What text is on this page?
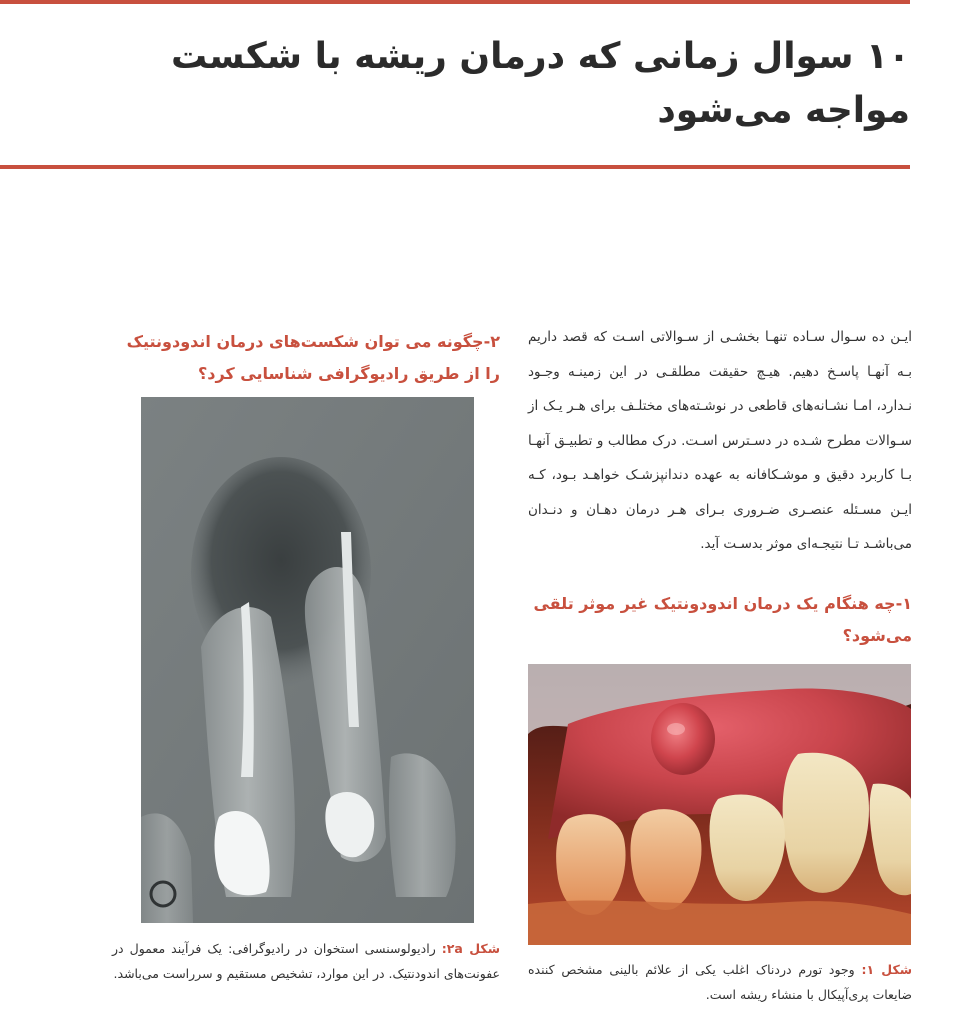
۱۰ سوال زمانی که درمان ریشه با شکست مواجه می‌شود

ایـن ده سـوال سـاده تنهـا بخشـی از سـوالاتی اسـت که قصد داریم بـه آنهـا پاسـخ دهیم. هیـچ حقیقت مطلقـی در این زمینـه وجـود نـدارد، امـا نشـانه‌های قاطعی در نوشـته‌های مختلـف برای هـر یـک از سـوالات مطرح شـده در دسـترس اسـت. درک مطالب و تطبیـق آنهـا بـا کاربرد دقیق و موشـکافانه به عهده دندانپزشـک خواهـد بـود، کـه ایـن مسـئله عنصـری ضـروری بـرای هـر درمان دهـان و دنـدان می‌باشـد تـا نتیجـه‌ای موثر بدسـت آید.

۱-چه هنگام یک درمان اندودونتیک غیر موثر تلقی می‌شود؟

شکل ۱: وجود تورم دردناک اغلب یکی از علائم بالینی مشخص کننده ضایعات پری‌آپیکال با منشاء ریشه است.

۲-چگونه می توان شکست‌های درمان اندودونتیک را از طریق رادیوگرافی شناسایی کرد؟

شکل ۲a: رادیولوسنسی استخوان در رادیوگرافی: یک فرآیند معمول در عفونت‌های اندودنتیک. در این موارد، تشخیص مستقیم و سرراست می‌باشد.
